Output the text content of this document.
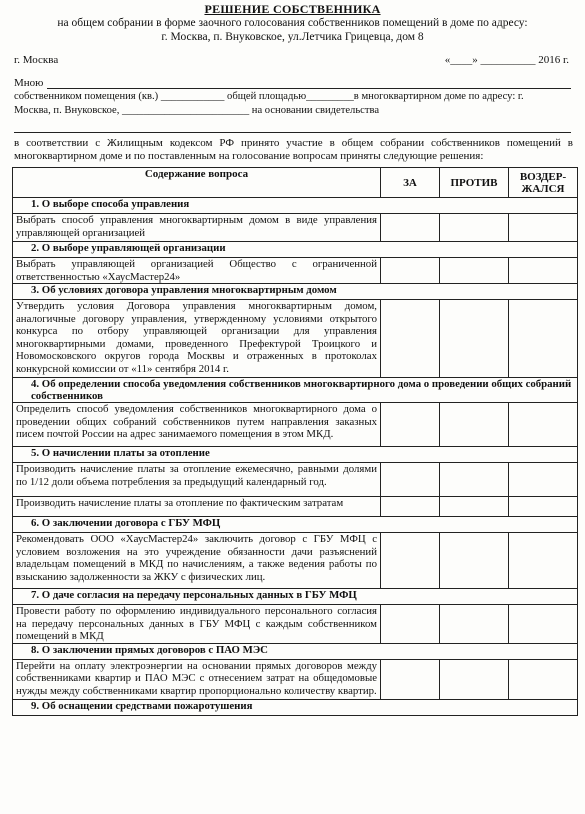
РЕШЕНИЕ СОБСТВЕННИКА
на общем собрании в форме заочного голосования собственников помещений в доме по адресу:
г. Москва, п. Внуковское, ул.Летчика Грицевца, дом 8
г. Москва	«____» __________ 2016 г.
Мною
собственником помещения (кв.) ____________ общей площадью_________в многоквартирном доме по адресу: г.
Москва, п. Внуковское, ________________________ на основании свидетельства
в соответствии с Жилищным кодексом РФ принято участие в общем собрании собственников помещений в многоквартирном доме и по поставленным на голосование вопросам приняты следующие решения:
Содержание вопроса	ЗА	ПРОТИВ	ВОЗДЕР-ЖАЛСЯ
1. О выборе способа управления			
Выбрать способ управления многоквартирным домом в виде управления управляющей организацией			
2. О выборе управляющей организации			
Выбрать управляющей организацией Общество с ограниченной ответственностью «ХаусМастер24»			
3. Об условиях договора управления многоквартирным домом			
Утвердить условия Договора управления многоквартирным домом, аналогичные договору управления, утвержденному условиями открытого конкурса по отбору управляющей организации для управления многоквартирными домами, проведенного Префектурой Троицкого и Новомосковского округов города Москвы и отраженных в протоколах конкурсной комиссии от «11» сентября 2014 г.			
4. Об определении способа уведомления собственников многоквартирного дома о проведении общих собраний собственников			
Определить способ уведомления собственников многоквартирного дома о проведении общих собраний собственников путем направления заказных писем почтой России на адрес занимаемого помещения в этом МКД.			
5. О начислении платы за отопление			
Производить начисление платы за отопление ежемесячно, равными долями по 1/12 доли объема потребления за предыдущий календарный год.			
Производить начисление платы за отопление по фактическим затратам			
6. О заключении договора с ГБУ МФЦ			
Рекомендовать ООО «ХаусМастер24» заключить договор с ГБУ МФЦ с условием возложения на это учреждение обязанности дачи разъяснений владельцам помещений в МКД по начислениям, а также ведения работы по взысканию задолженности за ЖКУ с физических лиц.			
7. О даче согласия на передачу персональных данных в ГБУ МФЦ			
Провести работу по оформлению индивидуального персонального согласия на передачу персональных данных в ГБУ МФЦ с каждым собственником помещений в МКД			
8. О заключении прямых договоров с ПАО МЭС			
Перейти на оплату электроэнергии на основании прямых договоров между собственниками квартир и ПАО МЭС с отнесением затрат на общедомовые нужды между собственниками квартир пропорционально количеству квартир.			
9. Об оснащении средствами пожаротушения			
